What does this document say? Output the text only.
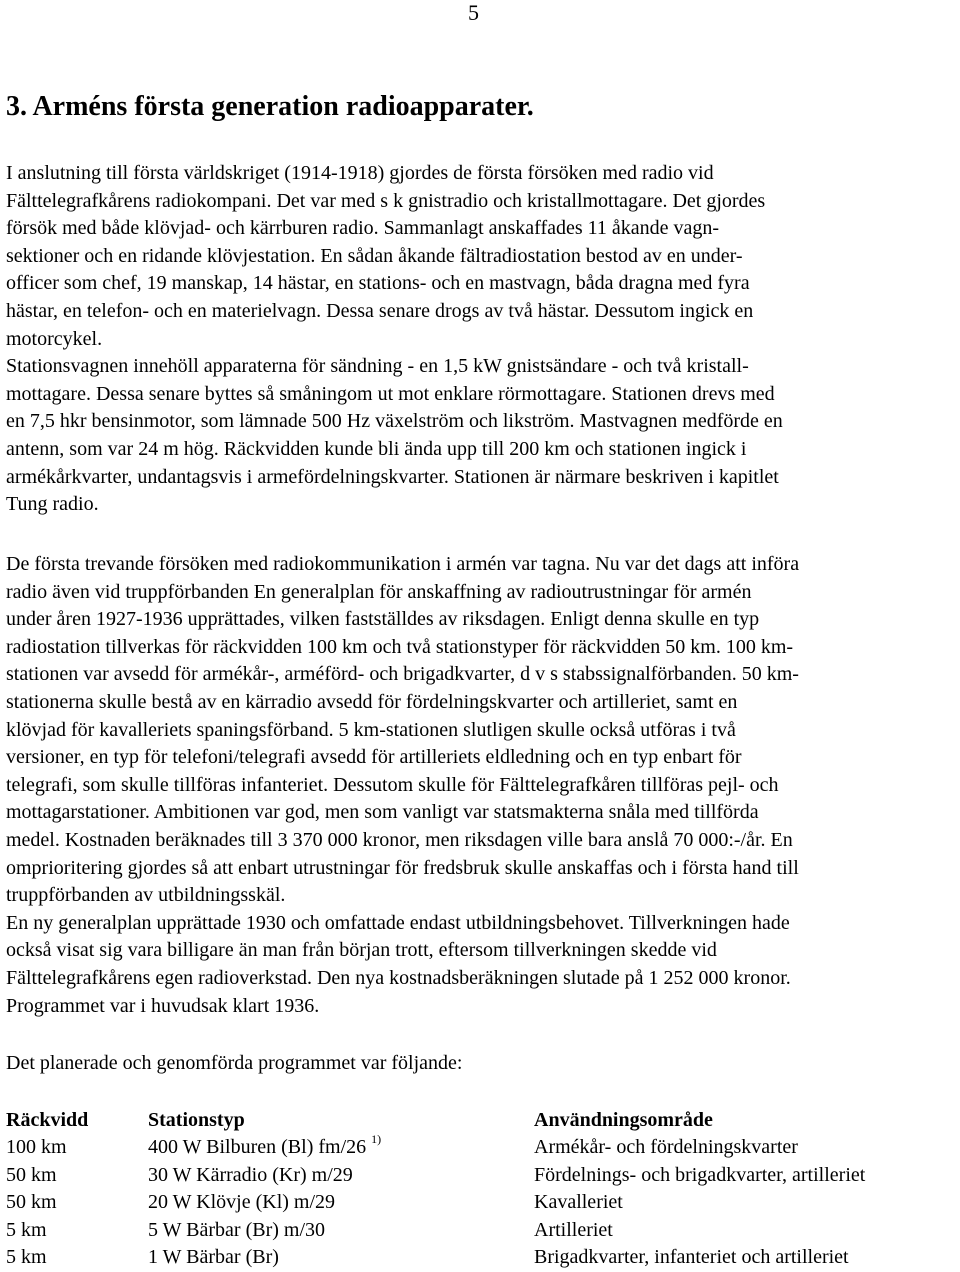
5
3. Arméns första generation radioapparater.
I anslutning till första världskriget (1914-1918) gjordes de första försöken med radio vid
Fälttelegrafkårens radiokompani. Det var med s k gnistradio och kristallmottagare. Det gjordes
försök med både klövjad- och kärrburen radio. Sammanlagt anskaffades 11 åkande vagn-
sektioner och en ridande klövjestation. En sådan åkande fältradiostation bestod av en under-
officer som chef, 19 manskap, 14 hästar, en stations- och en mastvagn, båda dragna med fyra
hästar, en telefon- och en materielvagn. Dessa senare drogs av två hästar. Dessutom ingick en
motorcykel.
Stationsvagnen innehöll apparaterna för sändning - en 1,5 kW gnistsändare - och två kristall-
mottagare. Dessa senare byttes så småningom ut mot enklare rörmottagare. Stationen drevs med
en 7,5 hkr bensinmotor, som lämnade 500 Hz växelström och likström. Mastvagnen medförde en
antenn, som var 24 m hög. Räckvidden kunde bli ända upp till 200 km och stationen ingick i
armékårkvarter, undantagsvis i armefördelningskvarter. Stationen är närmare beskriven i kapitlet
Tung radio.
De första trevande försöken med radiokommunikation i armén var tagna. Nu var det dags att införa
radio även vid truppförbanden En generalplan för anskaffning av radioutrustningar för armén
under åren 1927-1936 upprättades, vilken fastställdes av riksdagen. Enligt denna skulle en typ
radiostation tillverkas för räckvidden 100 km och två stationstyper för räckvidden 50 km. 100 km-
stationen var avsedd för armékår-, arméförd- och brigadkvarter, d v s stabssignalförbanden. 50 km-
stationerna skulle bestå av en kärradio avsedd för fördelningskvarter och artilleriet, samt en
klövjad för kavalleriets spaningsförband. 5 km-stationen slutligen skulle också utföras i två
versioner, en typ för telefoni/telegrafi avsedd för artilleriets eldledning och en typ enbart för
telegrafi, som skulle tillföras infanteriet. Dessutom skulle för Fälttelegrafkåren tillföras pejl- och
mottagarstationer. Ambitionen var god, men som vanligt var statsmakterna snåla med tillförda
medel. Kostnaden beräknades till 3 370 000 kronor, men riksdagen ville bara anslå 70 000:-/år. En
omprioritering gjordes så att enbart utrustningar för fredsbruk skulle anskaffas och i första hand till
truppförbanden av utbildningsskäl.
En ny generalplan upprättade 1930 och omfattade endast utbildningsbehovet. Tillverkningen hade
också visat sig vara billigare än man från början trott, eftersom tillverkningen skedde vid
Fälttelegrafkårens egen radioverkstad. Den nya kostnadsberäkningen slutade på 1 252 000 kronor.
Programmet var i huvudsak klart 1936.
Det planerade och genomförda programmet var följande:
Räckvidd	Stationstyp	Användningsområde
100 km	400 W Bilburen (Bl) fm/26 $^{1)}$	Armékår- och fördelningskvarter
50 km	30 W Kärradio (Kr) m/29	Fördelnings- och brigadkvarter, artilleriet
50 km	20 W Klövje (Kl) m/29	Kavalleriet
5 km	5 W Bärbar (Br) m/30	Artilleriet
5 km	1 W Bärbar (Br)	Brigadkvarter, infanteriet och artilleriet
